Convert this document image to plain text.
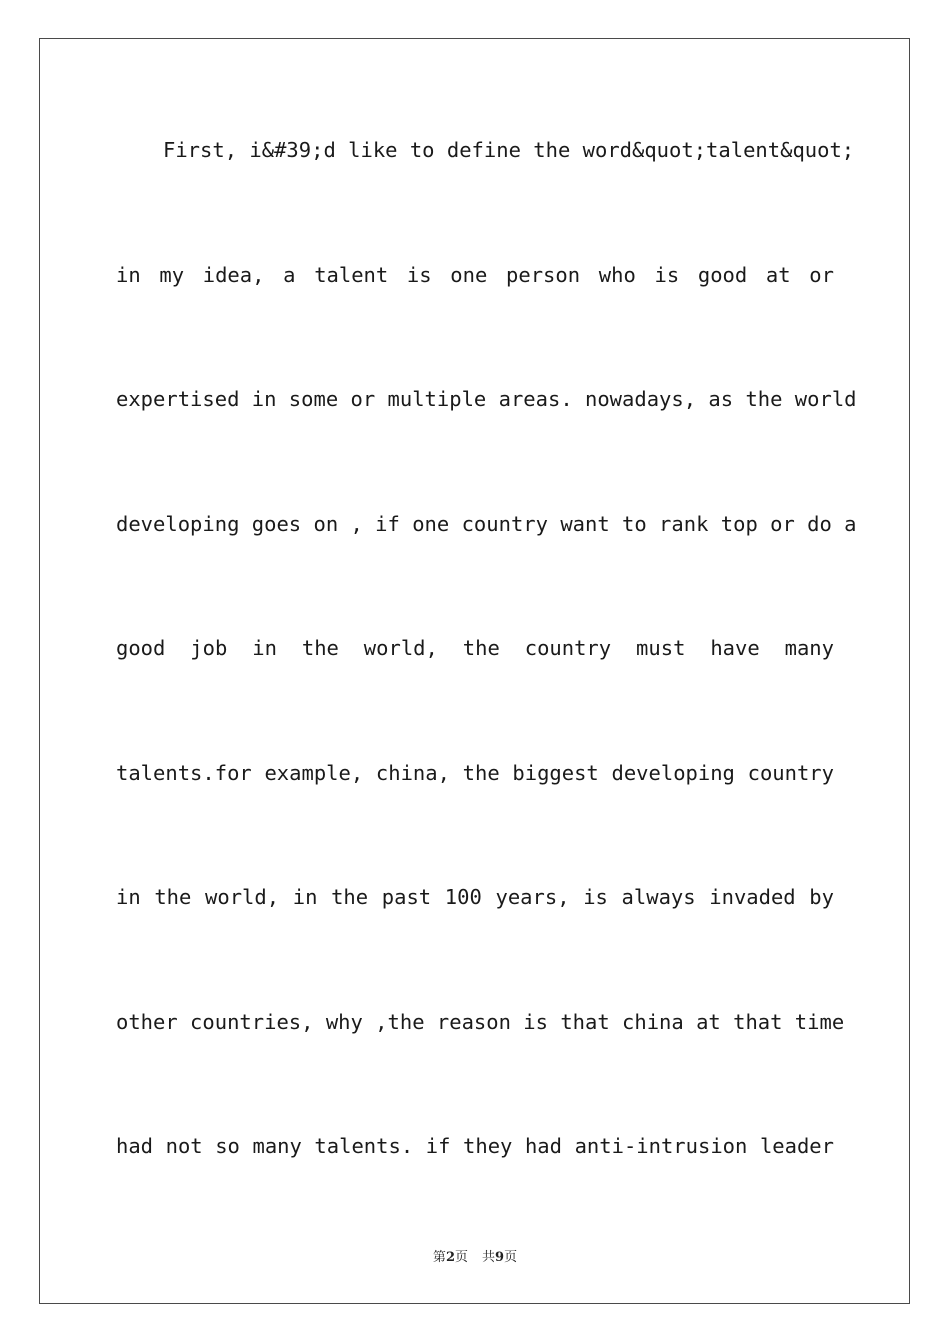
First, i&#39;d like to define the word&quot;talent&quot;
in my idea, a talent is one person who is good at or
expertised in some or multiple areas. nowadays, as the world
developing goes on , if one country want to rank top or do a
good job in the world, the country must have many
talents.for example, china, the biggest developing country
in the world, in the past 100 years, is always invaded by
other countries, why ,the reason is that china at that time
had not so many talents. if they had anti-intrusion leader
第2页 共9页
